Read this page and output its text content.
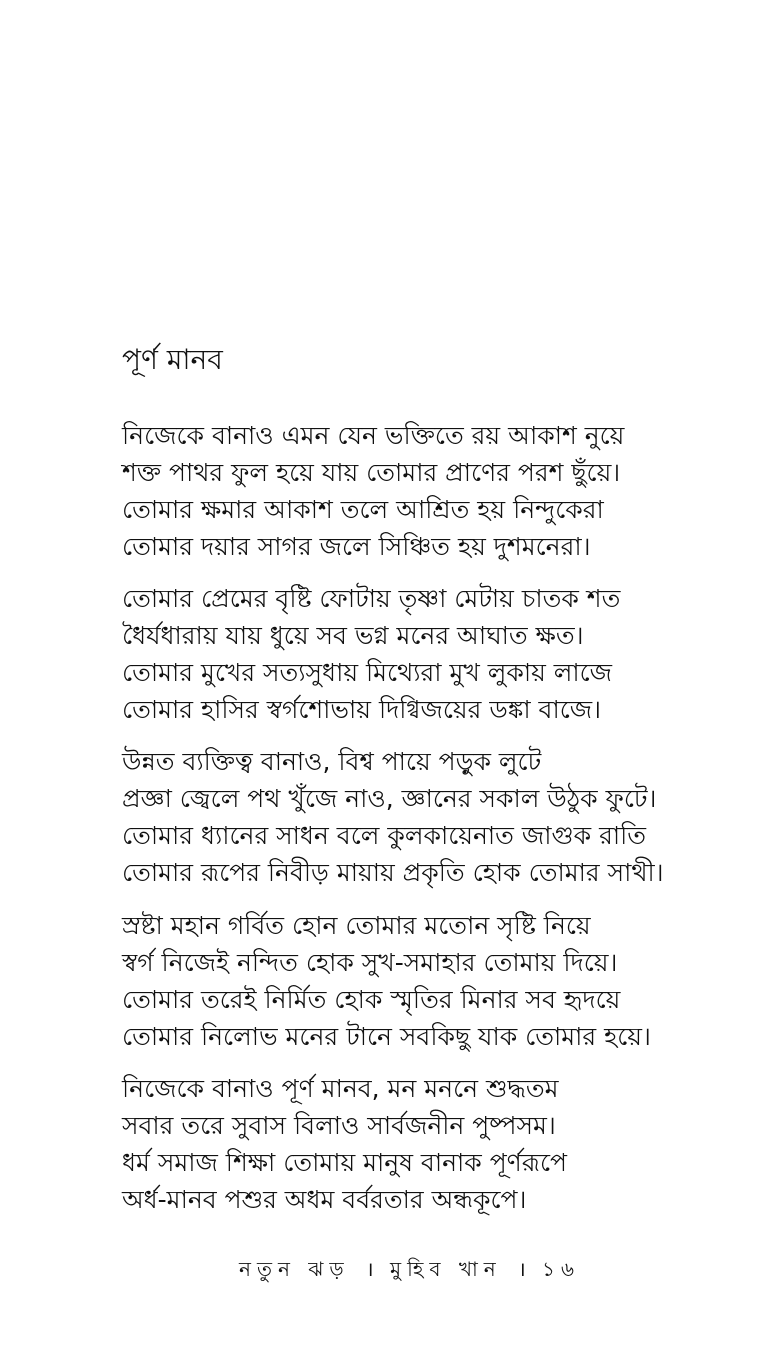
পূর্ণ মানব
নিজেকে বানাও এমন যেন ভক্তিতে রয় আকাশ নুয়ে
শক্ত পাথর ফুল হয়ে যায় তোমার প্রাণের পরশ ছুঁয়ে।
তোমার ক্ষমার আকাশ তলে আশ্রিত হয় নিন্দুকেরা
তোমার দয়ার সাগর জলে সিঞ্চিত হয় দুশমনেরা।
তোমার প্রেমের বৃষ্টি ফোটায় তৃষ্ণা মেটায় চাতক শত
ধৈর্যধারায় যায় ধুয়ে সব ভগ্ন মনের আঘাত ক্ষত।
তোমার মুখের সত্যসুধায় মিথ্যেরা মুখ লুকায় লাজে
তোমার হাসির স্বর্গশোভায় দিগ্বিজয়ের ডঙ্কা বাজে।
উন্নত ব্যক্তিত্ব বানাও, বিশ্ব পায়ে পড়ুক লুটে
প্রজ্ঞা জ্বেলে পথ খুঁজে নাও, জ্ঞানের সকাল উঠুক ফুটে।
তোমার ধ্যানের সাধন বলে কুলকায়েনাত জাগুক রাতি
তোমার রূপের নিবীড় মায়ায় প্রকৃতি হোক তোমার সাথী।
স্রষ্টা মহান গর্বিত হোন তোমার মতোন সৃষ্টি নিয়ে
স্বর্গ নিজেই নন্দিত হোক সুখ-সমাহার তোমায় দিয়ে।
তোমার তরেই নির্মিত হোক স্মৃতির মিনার সব হৃদয়ে
তোমার নিলোভ মনের টানে সবকিছু যাক তোমার হয়ে।
নিজেকে বানাও পূর্ণ মানব, মন মননে শুদ্ধতম
সবার তরে সুবাস বিলাও সার্বজনীন পুষ্পসম।
ধর্ম সমাজ শিক্ষা তোমায় মানুষ বানাক পূর্ণরূপে
অর্ধ-মানব পশুর অধম বর্বরতার অন্ধকূপে।
নতুন ঝড় । মুহিব খান । ১৬
